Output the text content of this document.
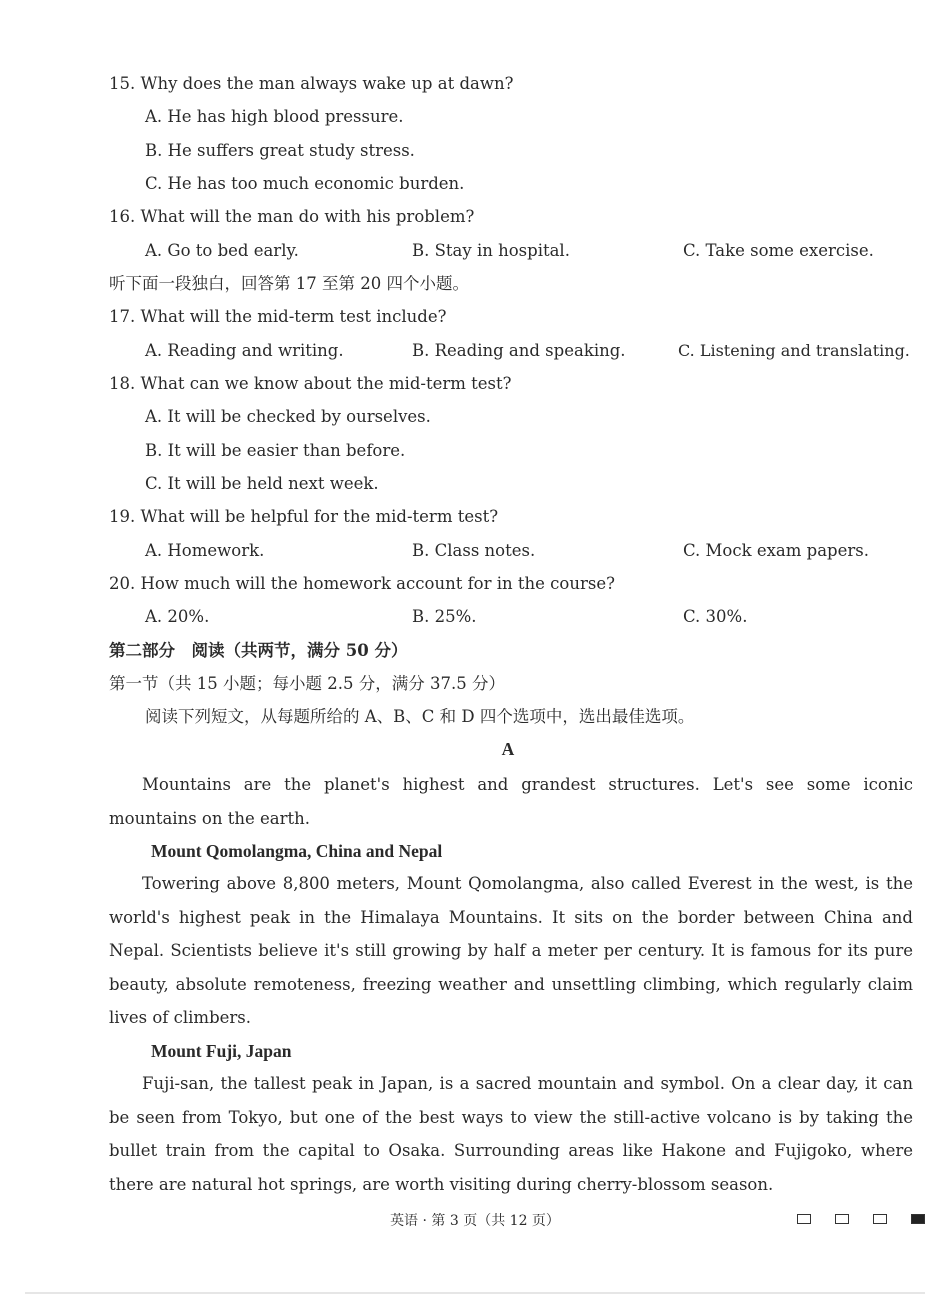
15. Why does the man always wake up at dawn?
A. He has high blood pressure.
B. He suffers great study stress.
C. He has too much economic burden.
16. What will the man do with his problem?
A. Go to bed early.	B. Stay in hospital.	C. Take some exercise.
听下面一段独白，回答第 17 至第 20 四个小题。
17. What will the mid-term test include?
A. Reading and writing.	B. Reading and speaking.	C. Listening and translating.
18. What can we know about the mid-term test?
A. It will be checked by ourselves.
B. It will be easier than before.
C. It will be held next week.
19. What will be helpful for the mid-term test?
A. Homework.	B. Class notes.	C. Mock exam papers.
20. How much will the homework account for in the course?
A. 20%.	B. 25%.	C. 30%.
第二部分　阅读（共两节，满分 50 分）
第一节（共 15 小题；每小题 2.5 分，满分 37.5 分）
阅读下列短文，从每题所给的 A、B、C 和 D 四个选项中，选出最佳选项。
A
Mountains are the planet's highest and grandest structures. Let's see some iconic mountains on the earth.
Mount Qomolangma, China and Nepal
Towering above 8,800 meters, Mount Qomolangma, also called Everest in the west, is the world's highest peak in the Himalaya Mountains. It sits on the border between China and Nepal. Scientists believe it's still growing by half a meter per century. It is famous for its pure beauty, absolute remoteness, freezing weather and unsettling climbing, which regularly claim lives of climbers.
Mount Fuji, Japan
Fuji-san, the tallest peak in Japan, is a sacred mountain and symbol. On a clear day, it can be seen from Tokyo, but one of the best ways to view the still-active volcano is by taking the bullet train from the capital to Osaka. Surrounding areas like Hakone and Fujigoko, where there are natural hot springs, are worth visiting during cherry-blossom season.
英语 · 第 3 页（共 12 页）
